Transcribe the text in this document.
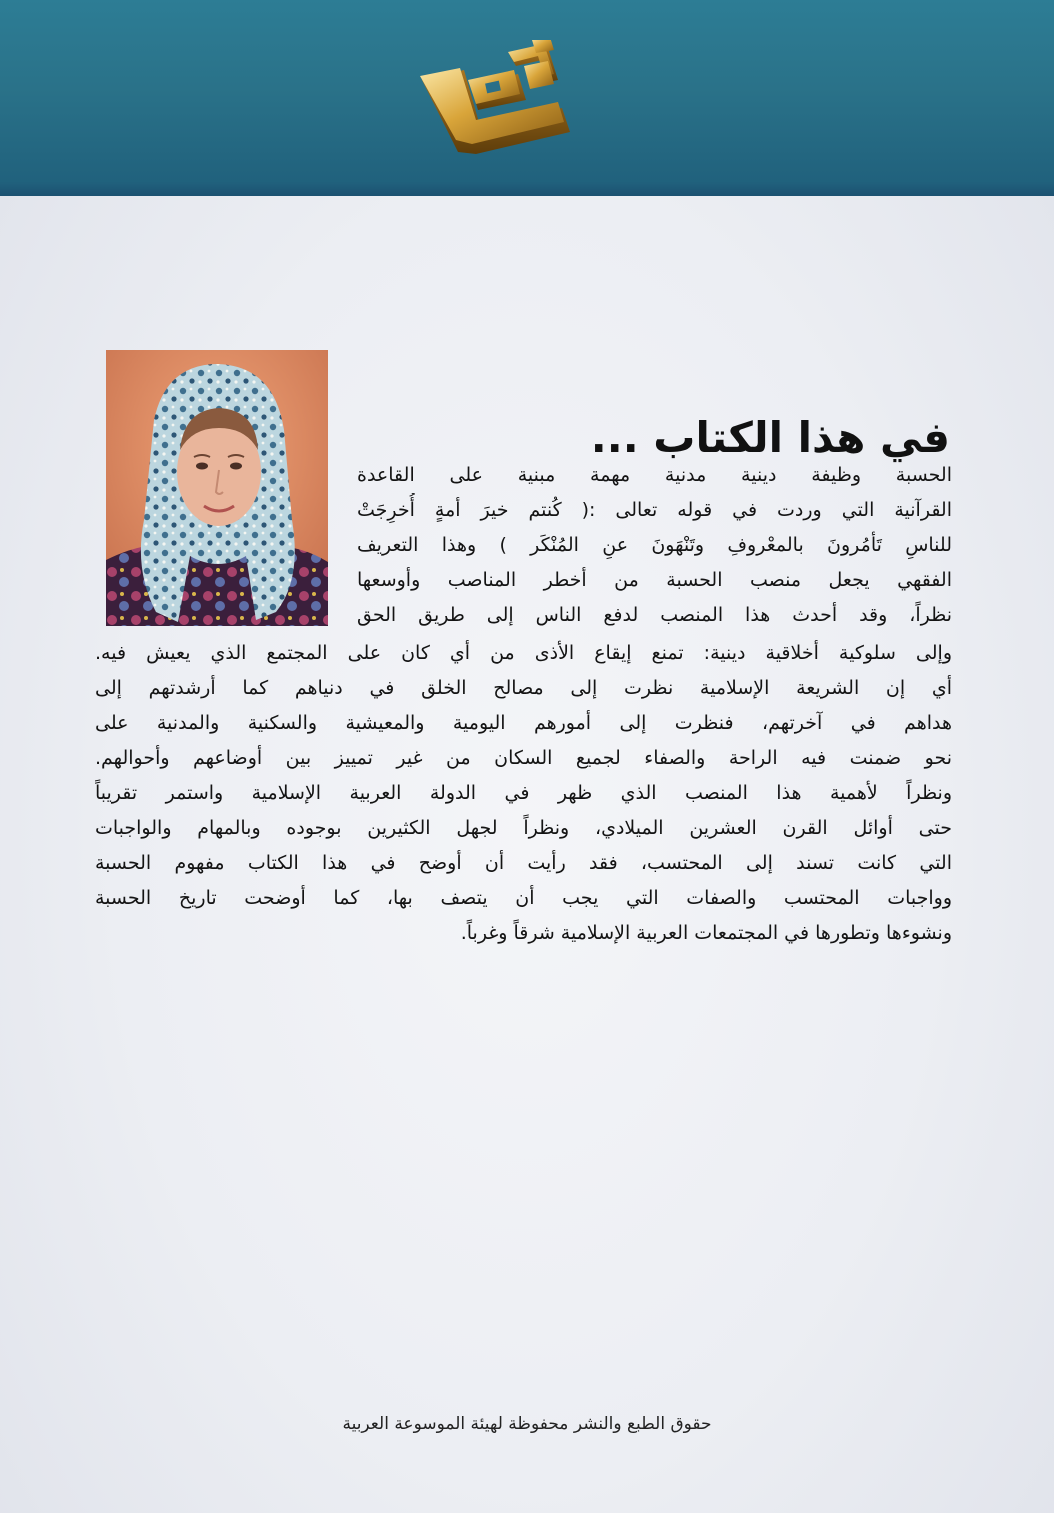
في هذا الكتاب ...
الحسبة وظيفة دينية مدنية مهمة مبنية على القاعدة
القرآنية التي وردت في قوله تعالى :( كُنتم خيرَ أمةٍ أُخرِجَتْ
للناسِ تَأمُرونَ بالمعْروفِ وتَنْهَونَ عنِ المُنْكَر ) وهذا التعريف
الفقهي يجعل منصب الحسبة من أخطر المناصب وأوسعها
نظراً، وقد أحدث هذا المنصب لدفع الناس إلى طريق الحق
وإلى سلوكية أخلاقية دينية: تمنع إيقاع الأذى من أي كان على المجتمع الذي يعيش فيه.
أي إن الشريعة الإسلامية نظرت إلى مصالح الخلق في دنياهم كما أرشدتهم إلى
هداهم في آخرتهم، فنظرت إلى أمورهم اليومية والمعيشية والسكنية والمدنية على
نحو ضمنت فيه الراحة والصفاء لجميع السكان من غير تمييز بين أوضاعهم وأحوالهم.
ونظراً لأهمية هذا المنصب الذي ظهر في الدولة العربية الإسلامية واستمر تقريباً
حتى أوائل القرن العشرين الميلادي، ونظراً لجهل الكثيرين بوجوده وبالمهام والواجبات
التي كانت تسند إلى المحتسب، فقد رأيت أن أوضح في هذا الكتاب مفهوم الحسبة
وواجبات المحتسب والصفات التي يجب أن يتصف بها، كما أوضحت تاريخ الحسبة
ونشوءها وتطورها في المجتمعات العربية الإسلامية شرقاً وغرباً.
حقوق الطبع والنشر محفوظة لهيئة الموسوعة العربية
